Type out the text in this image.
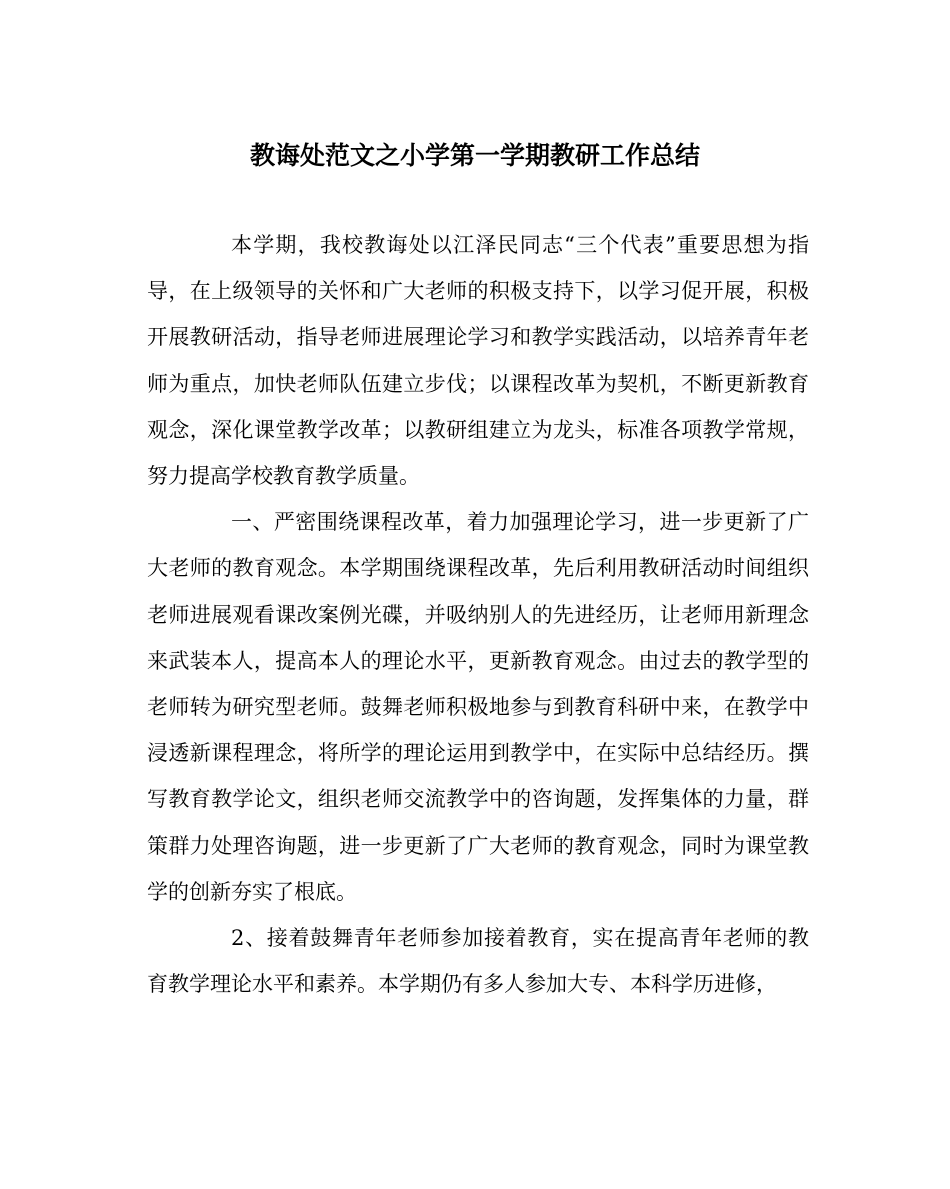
教诲处范文之小学第一学期教研工作总结

本学期，我校教诲处以江泽民同志“三个代表”重要思想为指导，在上级领导的关怀和广大老师的积极支持下，以学习促开展，积极开展教研活动，指导老师进展理论学习和教学实践活动，以培养青年老师为重点，加快老师队伍建立步伐；以课程改革为契机，不断更新教育观念，深化课堂教学改革；以教研组建立为龙头，标准各项教学常规，努力提高学校教育教学质量。

一、严密围绕课程改革，着力加强理论学习，进一步更新了广大老师的教育观念。本学期围绕课程改革，先后利用教研活动时间组织老师进展观看课改案例光碟，并吸纳别人的先进经历，让老师用新理念来武装本人，提高本人的理论水平，更新教育观念。由过去的教学型的老师转为研究型老师。鼓舞老师积极地参与到教育科研中来，在教学中浸透新课程理念，将所学的理论运用到教学中，在实际中总结经历。撰写教育教学论文，组织老师交流教学中的咨询题，发挥集体的力量，群策群力处理咨询题，进一步更新了广大老师的教育观念，同时为课堂教学的创新夯实了根底。

2、接着鼓舞青年老师参加接着教育，实在提高青年老师的教育教学理论水平和素养。本学期仍有多人参加大专、本科学历进修，
